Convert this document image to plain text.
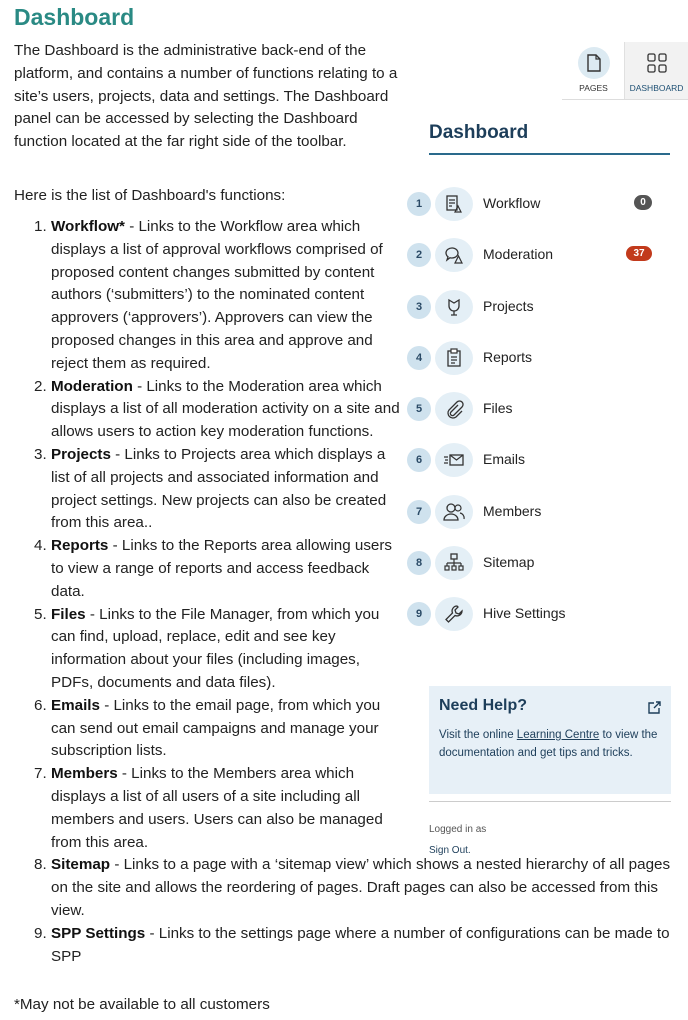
Dashboard

The Dashboard is the administrative back-end of the platform, and contains a number of functions relating to a site’s users, projects, data and settings. The Dashboard panel can be accessed by selecting the Dashboard function located at the far right side of the toolbar.

Here is the list of Dashboard's functions:

1. Workflow* - Links to the Workflow area which displays a list of approval workflows comprised of proposed content changes submitted by content authors (‘submitters’) to the nominated content approvers (‘approvers’). Approvers can view the proposed changes in this area and approve and reject them as required.
2. Moderation - Links to the Moderation area which displays a list of all moderation activity on a site and allows users to action key moderation functions.
3. Projects - Links to Projects area which displays a list of all projects and associated information and project settings. New projects can also be created from this area..
4. Reports - Links to the Reports area allowing users to view a range of reports and access feedback data.
5. Files - Links to the File Manager, from which you can find, upload, replace, edit and see key information about your files (including images, PDFs, documents and data files).
6. Emails - Links to the email page, from which you can send out email campaigns and manage your subscription lists.
7. Members - Links to the Members area which displays a list of all users of a site including all members and users. Users can also be managed from this area.
8. Sitemap - Links to a page with a ‘sitemap view’ which shows a nested hierarchy of all pages on the site and allows the reordering of pages. Draft pages can also be accessed from this view.
9. SPP Settings - Links to the settings page where a number of configurations can be made to SPP

*May not be available to all customers

PAGES	DASHBOARD
Dashboard
1	Workflow	0
2	Moderation	37
3	Projects
4	Reports
5	Files
6	Emails
7	Members
8	Sitemap
9	Hive Settings
Need Help?

Visit the online Learning Centre to view the documentation and get tips and tricks.

Logged in as

Sign Out.
